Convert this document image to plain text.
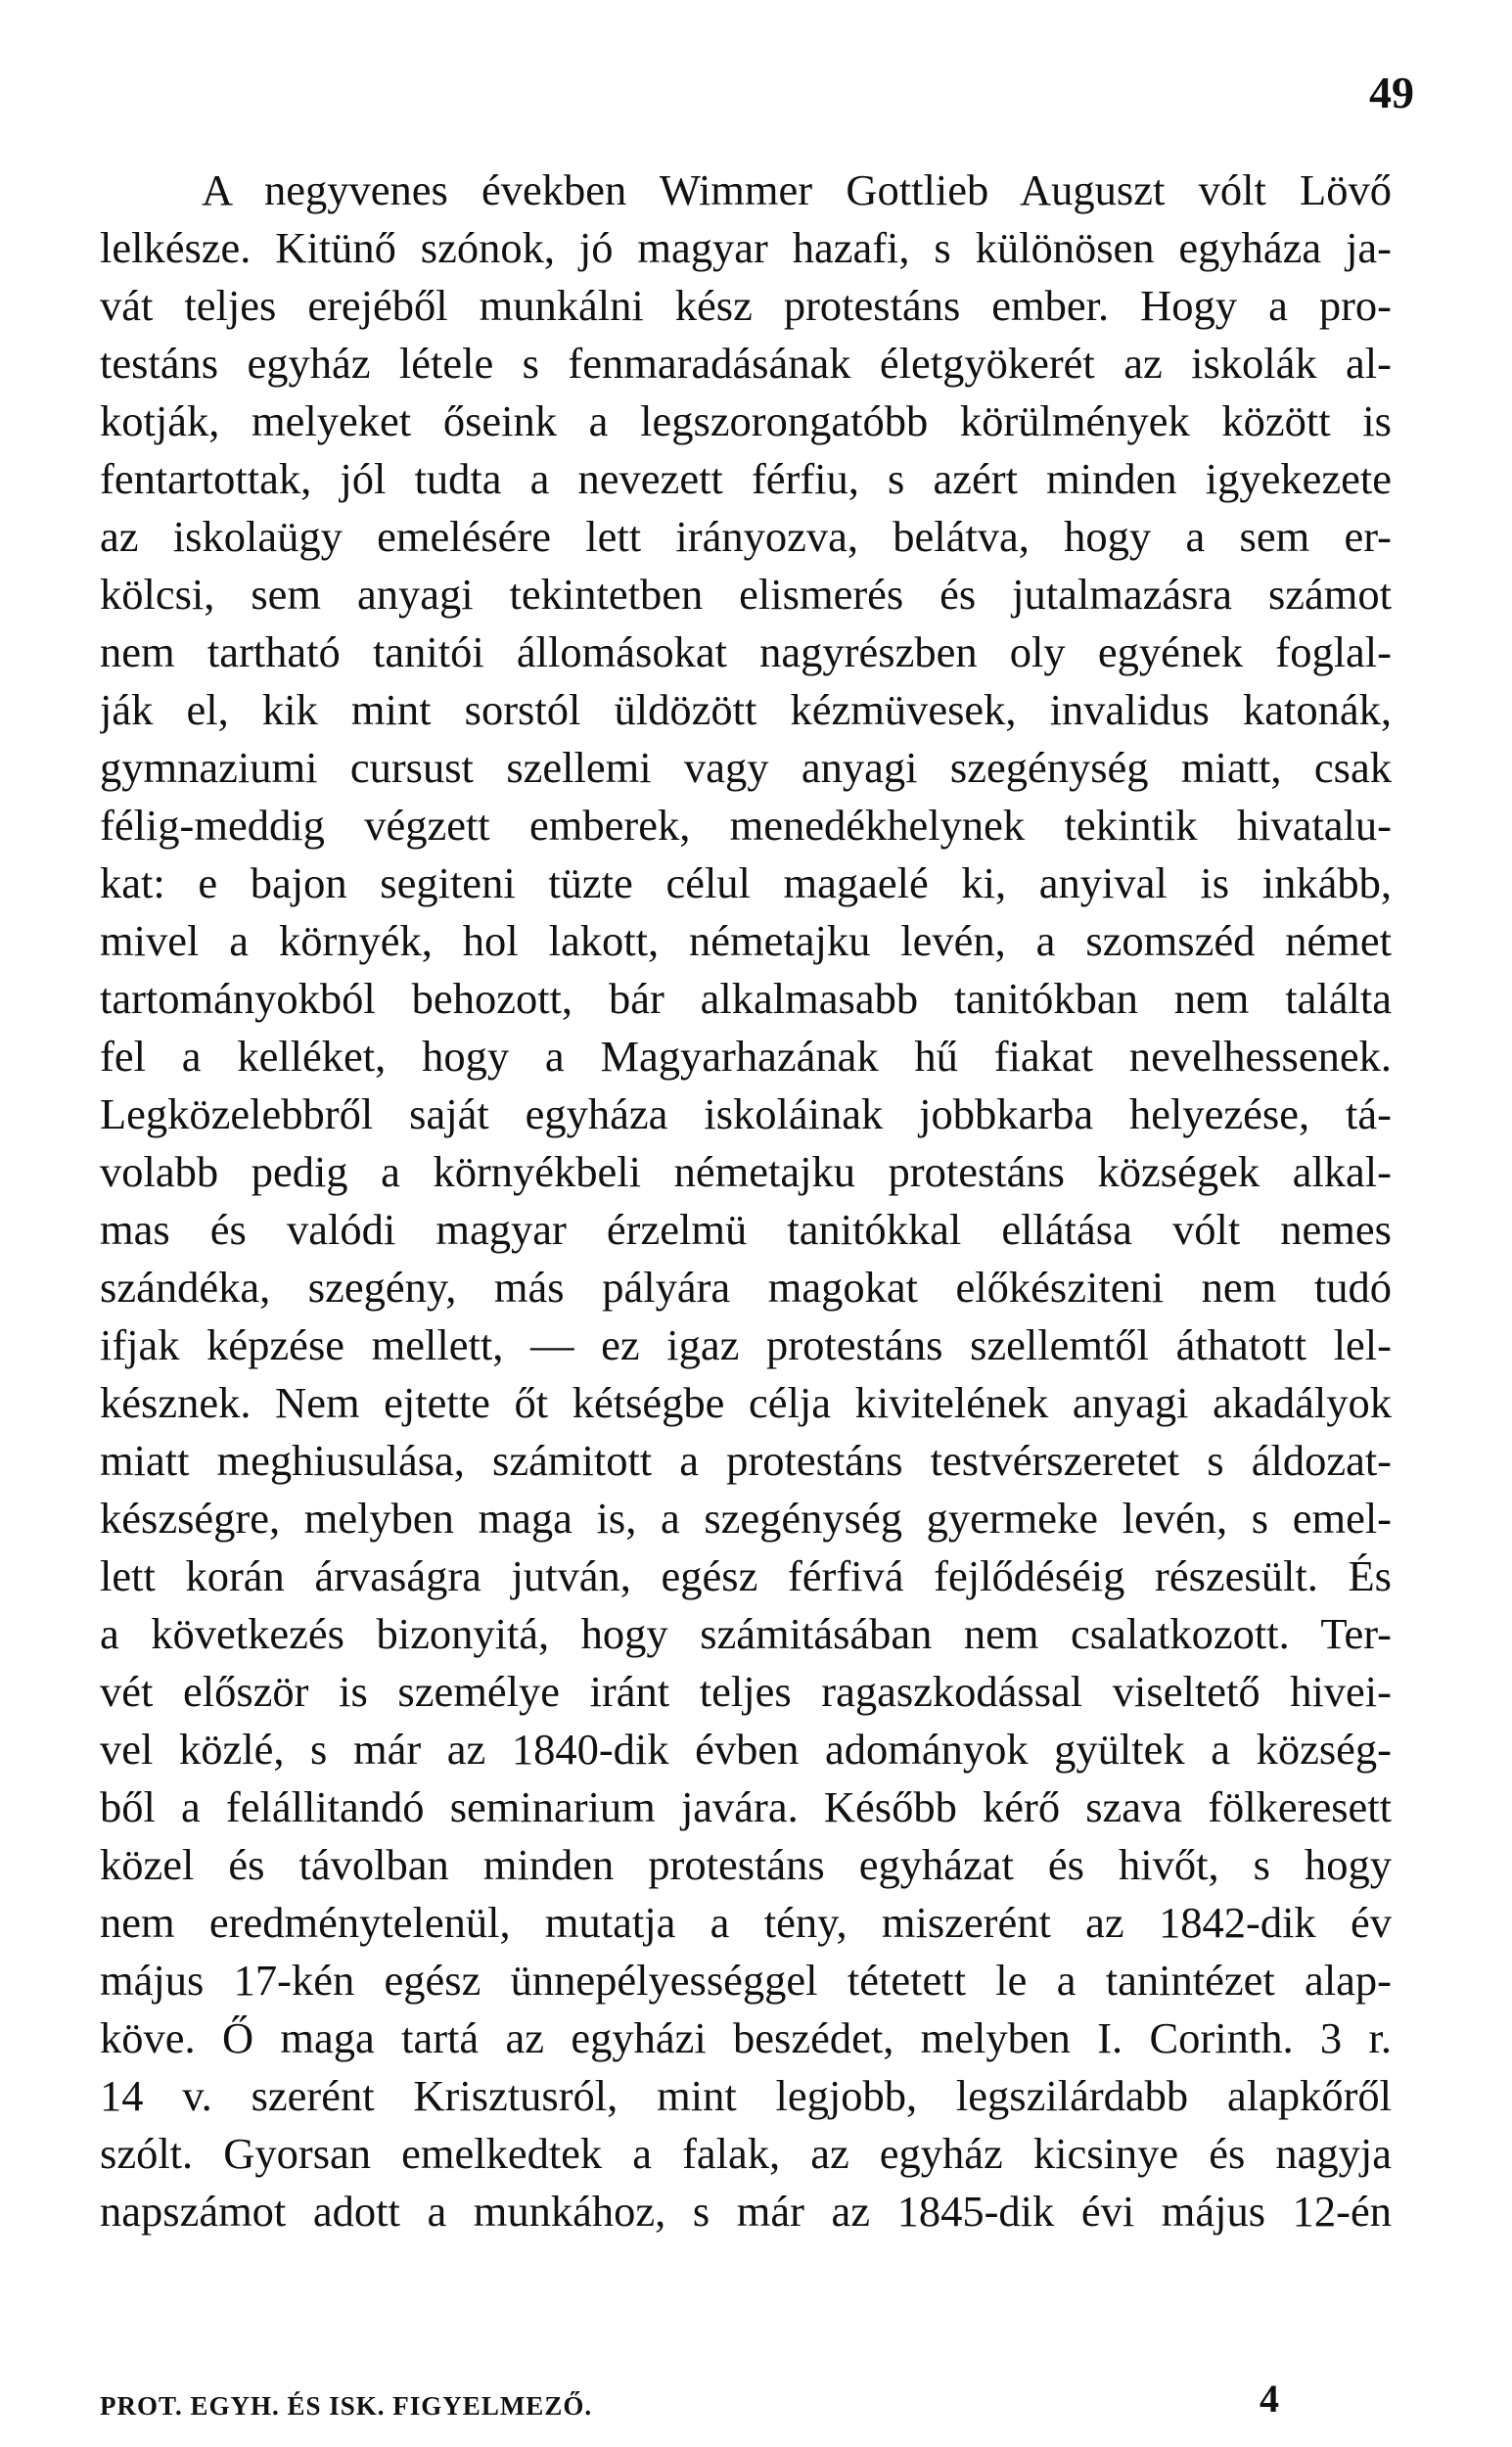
49
A negyvenes években Wimmer Gottlieb Auguszt vólt Lövő
lelkésze. Kitünő szónok, jó magyar hazafi, s különösen egyháza ja-
vát teljes erejéből munkálni kész protestáns ember. Hogy a pro-
testáns egyház létele s fenmaradásának életgyökerét az iskolák al-
kotják, melyeket őseink a legszorongatóbb körülmények között is
fentartottak, jól tudta a nevezett férfiu, s azért minden igyekezete
az iskolaügy emelésére lett irányozva, belátva, hogy a sem er-
kölcsi, sem anyagi tekintetben elismerés és jutalmazásra számot
nem tartható tanitói állomásokat nagyrészben oly egyének foglal-
ják el, kik mint sorstól üldözött kézmüvesek, invalidus katonák,
gymnaziumi cursust szellemi vagy anyagi szegénység miatt, csak
félig-meddig végzett emberek, menedékhelynek tekintik hivatalu-
kat: e bajon segiteni tüzte célul magaelé ki, anyival is inkább,
mivel a környék, hol lakott, németajku levén, a szomszéd német
tartományokból behozott, bár alkalmasabb tanitókban nem találta
fel a kelléket, hogy a Magyarhazának hű fiakat nevelhessenek.
Legközelebbről saját egyháza iskoláinak jobbkarba helyezése, tá-
volabb pedig a környékbeli németajku protestáns községek alkal-
mas és valódi magyar érzelmü tanitókkal ellátása vólt nemes
szándéka, szegény, más pályára magokat előkésziteni nem tudó
ifjak képzése mellett, — ez igaz protestáns szellemtől áthatott lel-
késznek. Nem ejtette őt kétségbe célja kivitelének anyagi akadályok
miatt meghiusulása, számitott a protestáns testvérszeretet s áldozat-
készségre, melyben maga is, a szegénység gyermeke levén, s emel-
lett korán árvaságra jutván, egész férfivá fejlődéséig részesült. És
a következés bizonyitá, hogy számitásában nem csalatkozott. Ter-
vét először is személye iránt teljes ragaszkodással viseltető hivei-
vel közlé, s már az 1840-dik évben adományok gyültek a község-
ből a felállitandó seminarium javára. Később kérő szava fölkeresett
közel és távolban minden protestáns egyházat és hivőt, s hogy
nem eredménytelenül, mutatja a tény, miszerént az 1842-dik év
május 17-kén egész ünnepélyességgel tétetett le a tanintézet alap-
köve. Ő maga tartá az egyházi beszédet, melyben I. Corinth. 3 r.
14 v. szerént Krisztusról, mint legjobb, legszilárdabb alapkőről
szólt. Gyorsan emelkedtek a falak, az egyház kicsinye és nagyja
napszámot adott a munkához, s már az 1845-dik évi május 12-én
PROT. EGYH. ÉS ISK. FIGYELMEZŐ.	4
